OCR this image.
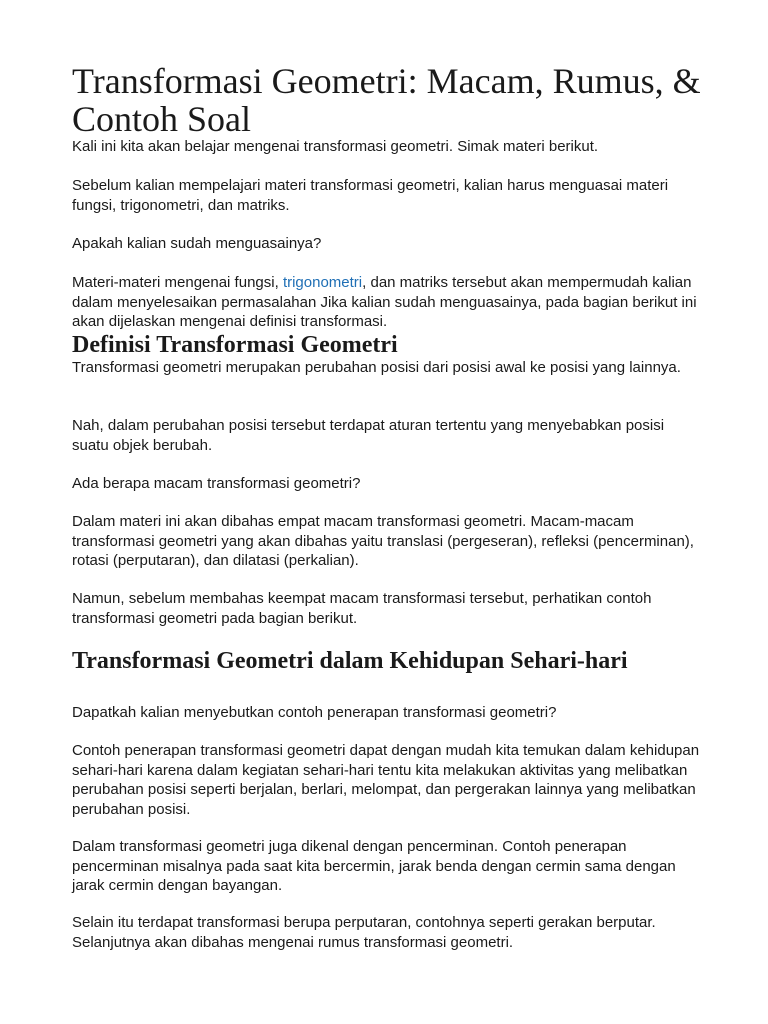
Transformasi Geometri: Macam, Rumus, & Contoh Soal

Kali ini kita akan belajar mengenai transformasi geometri. Simak materi berikut.

Sebelum kalian mempelajari materi transformasi geometri, kalian harus menguasai materi fungsi, trigonometri, dan matriks.

Apakah kalian sudah menguasainya?

Materi-materi mengenai fungsi, trigonometri, dan matriks tersebut akan mempermudah kalian dalam menyelesaikan permasalahan Jika kalian sudah menguasainya, pada bagian berikut ini akan dijelaskan mengenai definisi transformasi.

Definisi Transformasi Geometri

Transformasi geometri merupakan perubahan posisi dari posisi awal ke posisi yang lainnya.

Nah, dalam perubahan posisi tersebut terdapat aturan tertentu yang menyebabkan posisi suatu objek berubah.

Ada berapa macam transformasi geometri?

Dalam materi ini akan dibahas empat macam transformasi geometri. Macam-macam transformasi geometri yang akan dibahas yaitu translasi (pergeseran), refleksi (pencerminan), rotasi (perputaran), dan dilatasi (perkalian).

Namun, sebelum membahas keempat macam transformasi tersebut, perhatikan contoh transformasi geometri pada bagian berikut.

Transformasi Geometri dalam Kehidupan Sehari-hari

Dapatkah kalian menyebutkan contoh penerapan transformasi geometri?

Contoh penerapan transformasi geometri dapat dengan mudah kita temukan dalam kehidupan sehari-hari karena dalam kegiatan sehari-hari tentu kita melakukan aktivitas yang melibatkan perubahan posisi seperti berjalan, berlari, melompat, dan pergerakan lainnya yang melibatkan perubahan posisi.

Dalam transformasi geometri juga dikenal dengan pencerminan. Contoh penerapan pencerminan misalnya pada saat kita bercermin, jarak benda dengan cermin sama dengan jarak cermin dengan bayangan.

Selain itu terdapat transformasi berupa perputaran, contohnya seperti gerakan berputar. Selanjutnya akan dibahas mengenai rumus transformasi geometri.
